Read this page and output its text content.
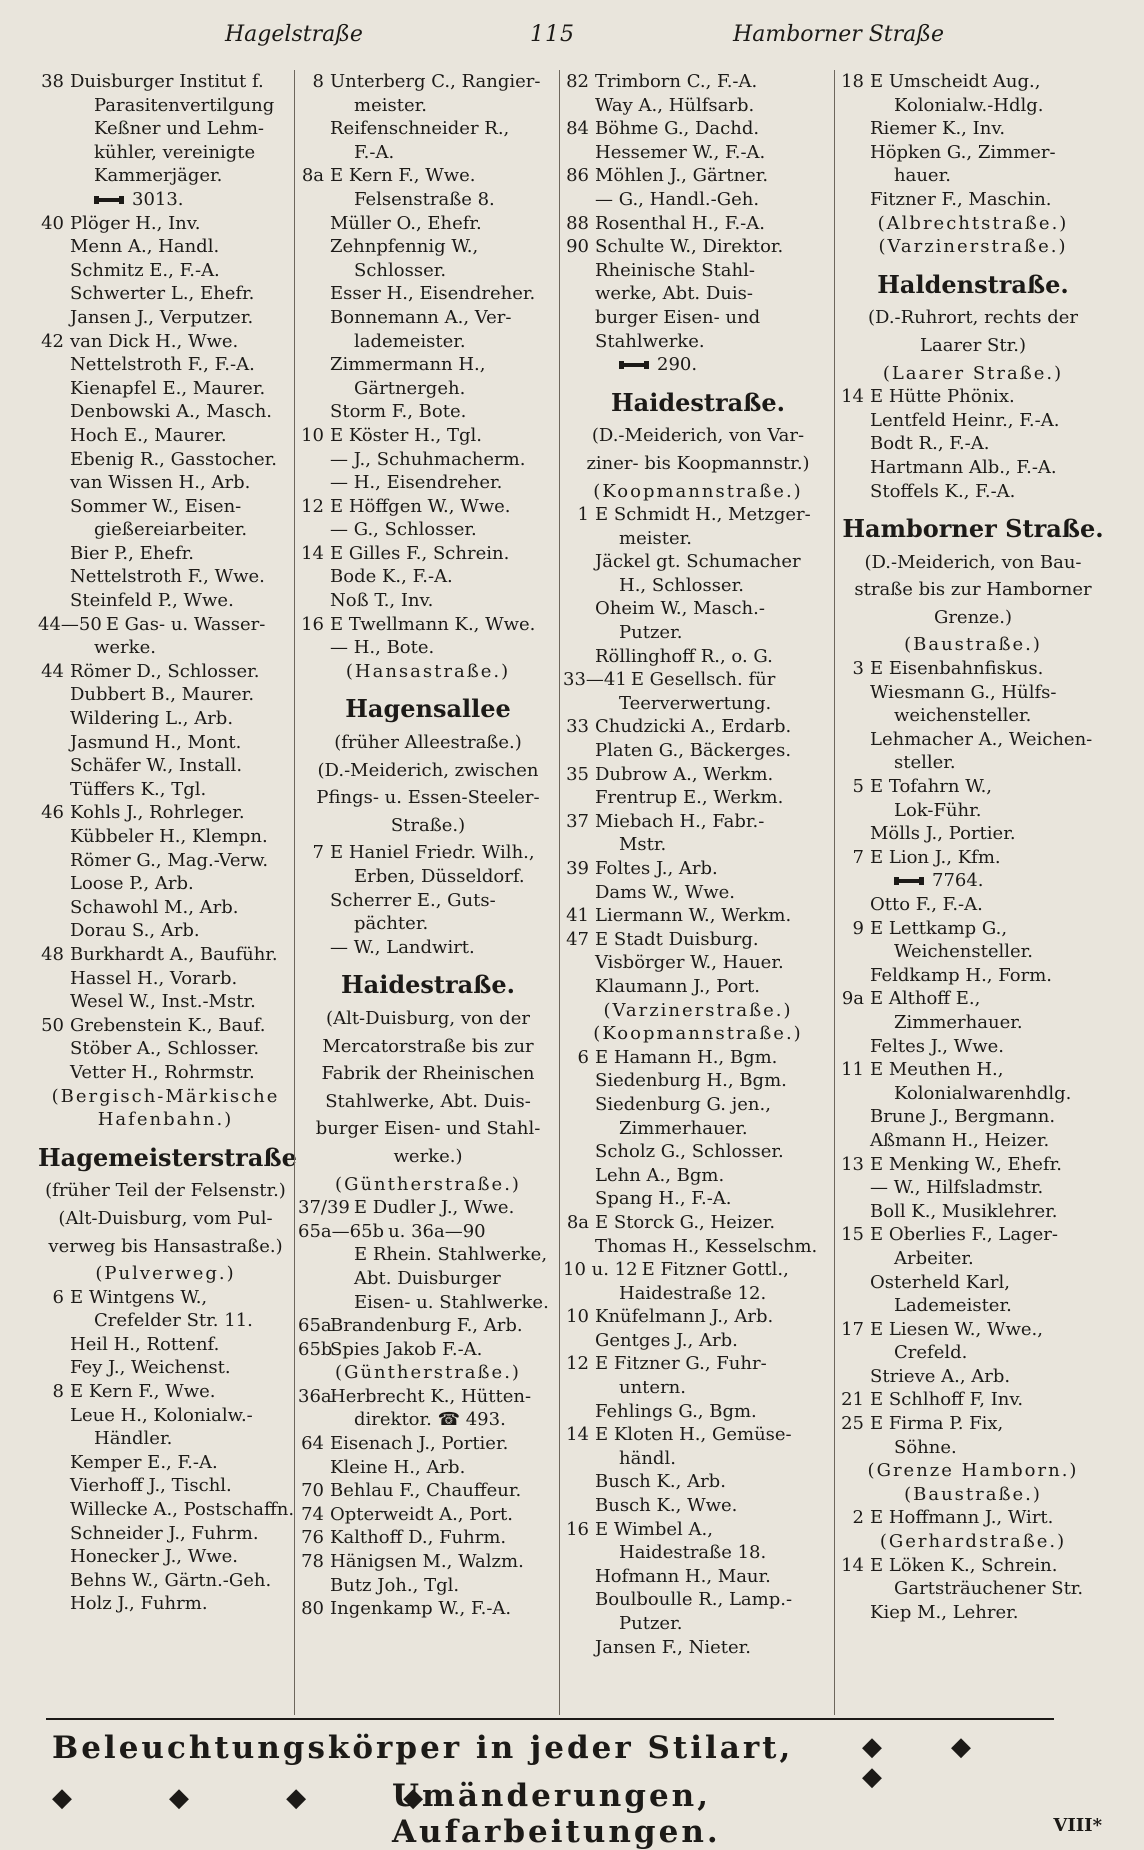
Hagelstraße	115	Hamborner Straße
38 Duisburger Institut f.
Parasitenvertilgung
Keßner und Lehm-
kühler, vereinigte
Kammerjäger.
3013.
40 Plöger H., Inv.
Menn A., Handl.
Schmitz E., F.-A.
Schwerter L., Ehefr.
Jansen J., Verputzer.
42 van Dick H., Wwe.
Nettelstroth F., F.-A.
Kienapfel E., Maurer.
Denbowski A., Masch.
Hoch E., Maurer.
Ebenig R., Gasstocher.
van Wissen H., Arb.
Sommer W., Eisen-
gießereiarbeiter.
Bier P., Ehefr.
Nettelstroth F., Wwe.
Steinfeld P., Wwe.
44—50 E Gas- u. Wasser-
werke.
44 Römer D., Schlosser.
Dubbert B., Maurer.
Wildering L., Arb.
Jasmund H., Mont.
Schäfer W., Install.
Tüffers K., Tgl.
46 Kohls J., Rohrleger.
Kübbeler H., Klempn.
Römer G., Mag.-Verw.
Loose P., Arb.
Schawohl M., Arb.
Dorau S., Arb.
48 Burkhardt A., Bauführ.
Hassel H., Vorarb.
Wesel W., Inst.-Mstr.
50 Grebenstein K., Bauf.
Stöber A., Schlosser.
Vetter H., Rohrmstr.
(Bergisch-Märkische
Hafenbahn.)
Hagemeisterstraße
(früher Teil der Felsenstr.)
(Alt-Duisburg, vom Pul-
verweg bis Hansastraße.)
(Pulverweg.)
6 E Wintgens W.,
Crefelder Str. 11.
Heil H., Rottenf.
Fey J., Weichenst.
8 E Kern F., Wwe.
Leue H., Kolonialw.-
Händler.
Kemper E., F.-A.
Vierhoff J., Tischl.
Willecke A., Postschaffn.
Schneider J., Fuhrm.
Honecker J., Wwe.
Behns W., Gärtn.-Geh.
Holz J., Fuhrm.
8 Unterberg C., Rangier-
meister.
Reifenschneider R.,
F.-A.
8a E Kern F., Wwe.
Felsenstraße 8.
Müller O., Ehefr.
Zehnpfennig W.,
Schlosser.
Esser H., Eisendreher.
Bonnemann A., Ver-
lademeister.
Zimmermann H.,
Gärtnergeh.
Storm F., Bote.
10 E Köster H., Tgl.
— J., Schuhmacherm.
— H., Eisendreher.
12 E Höffgen W., Wwe.
— G., Schlosser.
14 E Gilles F., Schrein.
Bode K., F.-A.
Noß T., Inv.
16 E Twellmann K., Wwe.
— H., Bote.
(Hansastraße.)
Hagensallee
(früher Alleestraße.)
(D.-Meiderich, zwischen
Pfings- u. Essen-Steeler-
Straße.)
7 E Haniel Friedr. Wilh.,
Erben, Düsseldorf.
Scherrer E., Guts-
pächter.
— W., Landwirt.
Haidestraße.
(Alt-Duisburg, von der
Mercatorstraße bis zur
Fabrik der Rheinischen
Stahlwerke, Abt. Duis-
burger Eisen- und Stahl-
werke.)
(Güntherstraße.)
37/39 E Dudler J., Wwe.
65a—65b u. 36a—90
E Rhein. Stahlwerke,
Abt. Duisburger
Eisen- u. Stahlwerke.
65aBrandenburg F., Arb.
65bSpies Jakob F.-A.
(Güntherstraße.)
36aHerbrecht K., Hütten-
direktor. ☎ 493.
64 Eisenach J., Portier.
Kleine H., Arb.
70 Behlau F., Chauffeur.
74 Opterweidt A., Port.
76 Kalthoff D., Fuhrm.
78 Hänigsen M., Walzm.
Butz Joh., Tgl.
80 Ingenkamp W., F.-A.
82 Trimborn C., F.-A.
Way A., Hülfsarb.
84 Böhme G., Dachd.
Hessemer W., F.-A.
86 Möhlen J., Gärtner.
— G., Handl.-Geh.
88 Rosenthal H., F.-A.
90 Schulte W., Direktor.
Rheinische Stahl-
werke, Abt. Duis-
burger Eisen- und
Stahlwerke.
290.
Haidestraße.
(D.-Meiderich, von Var-
ziner- bis Koopmannstr.)
(Koopmannstraße.)
1 E Schmidt H., Metzger-
meister.
Jäckel gt. Schumacher
H., Schlosser.
Oheim W., Masch.-
Putzer.
Röllinghoff R., o. G.
33—41 E Gesellsch. für
Teerverwertung.
33 Chudzicki A., Erdarb.
Platen G., Bäckerges.
35 Dubrow A., Werkm.
Frentrup E., Werkm.
37 Miebach H., Fabr.-
Mstr.
39 Foltes J., Arb.
Dams W., Wwe.
41 Liermann W., Werkm.
47 E Stadt Duisburg.
Visbörger W., Hauer.
Klaumann J., Port.
(Varzinerstraße.)
(Koopmannstraße.)
6 E Hamann H., Bgm.
Siedenburg H., Bgm.
Siedenburg G. jen.,
Zimmerhauer.
Scholz G., Schlosser.
Lehn A., Bgm.
Spang H., F.-A.
8a E Storck G., Heizer.
Thomas H., Kesselschm.
10 u. 12 E Fitzner Gottl.,
Haidestraße 12.
10 Knüfelmann J., Arb.
Gentges J., Arb.
12 E Fitzner G., Fuhr-
untern.
Fehlings G., Bgm.
14 E Kloten H., Gemüse-
händl.
Busch K., Arb.
Busch K., Wwe.
16 E Wimbel A.,
Haidestraße 18.
Hofmann H., Maur.
Boulboulle R., Lamp.-
Putzer.
Jansen F., Nieter.
18 E Umscheidt Aug.,
Kolonialw.-Hdlg.
Riemer K., Inv.
Höpken G., Zimmer-
hauer.
Fitzner F., Maschin.
(Albrechtstraße.)
(Varzinerstraße.)
Haldenstraße.
(D.-Ruhrort, rechts der
Laarer Str.)
(Laarer Straße.)
14 E Hütte Phönix.
Lentfeld Heinr., F.-A.
Bodt R., F.-A.
Hartmann Alb., F.-A.
Stoffels K., F.-A.
Hamborner Straße.
(D.-Meiderich, von Bau-
straße bis zur Hamborner
Grenze.)
(Baustraße.)
3 E Eisenbahnfiskus.
Wiesmann G., Hülfs-
weichensteller.
Lehmacher A., Weichen-
steller.
5 E Tofahrn W.,
Lok-Führ.
Mölls J., Portier.
7 E Lion J., Kfm.
7764.
Otto F., F.-A.
9 E Lettkamp G.,
Weichensteller.
Feldkamp H., Form.
9a E Althoff E.,
Zimmerhauer.
Feltes J., Wwe.
11 E Meuthen H.,
Kolonialwarenhdlg.
Brune J., Bergmann.
Aßmann H., Heizer.
13 E Menking W., Ehefr.
— W., Hilfsladmstr.
Boll K., Musiklehrer.
15 E Oberlies F., Lager-
Arbeiter.
Osterheld Karl,
Lademeister.
17 E Liesen W., Wwe.,
Crefeld.
Strieve A., Arb.
21 E Schlhoff F, Inv.
25 E Firma P. Fix,
Söhne.
(Grenze Hamborn.)
(Baustraße.)
2 E Hoffmann J., Wirt.
(Gerhardstraße.)
14 E Löken K., Schrein.
Gartsträuchener Str.
Kiep M., Lehrer.
Beleuchtungskörper in jeder Stilart,	◆ ◆ ◆
◆ ◆ ◆ ◆
Umänderungen, Aufarbeitungen.	VIII*
